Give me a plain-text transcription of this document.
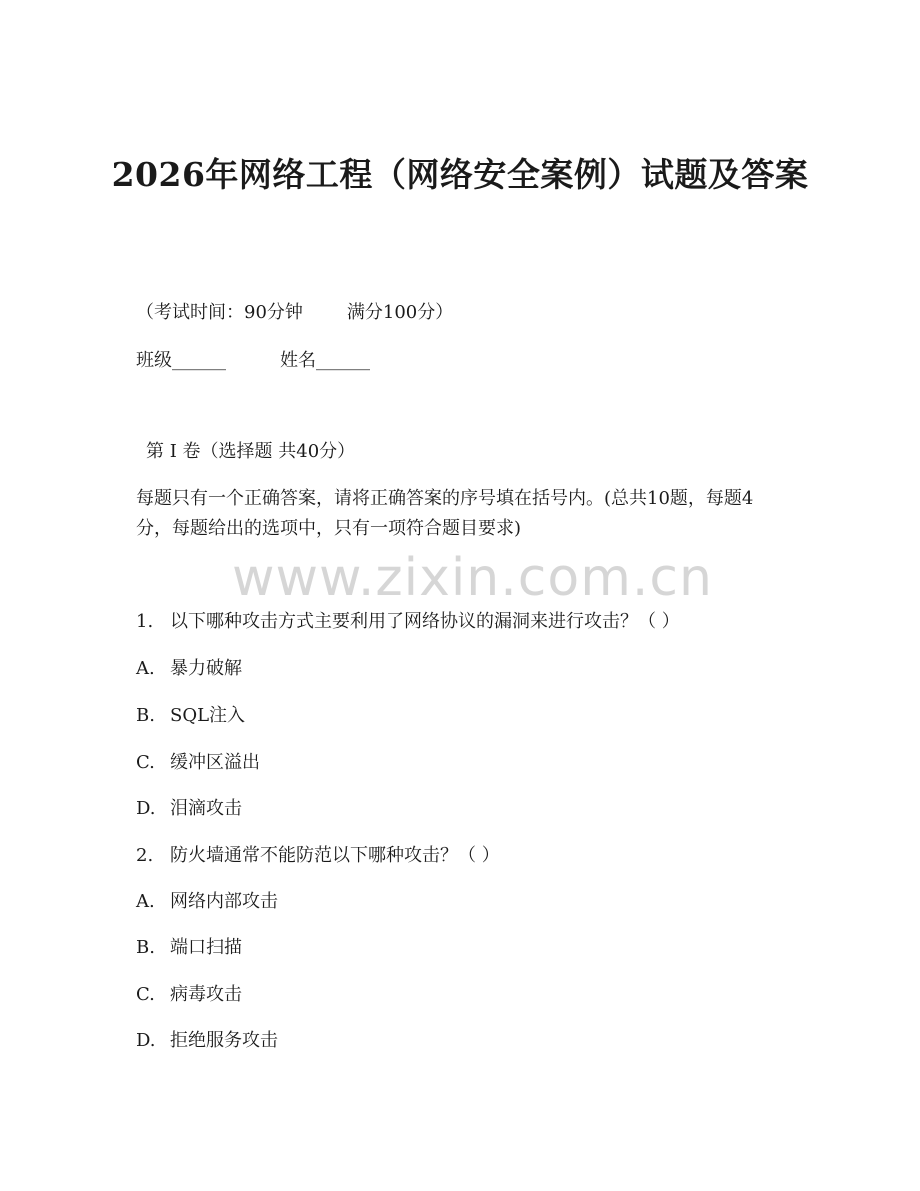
2026年网络工程（网络安全案例）试题及答案
（考试时间：90分钟 满分100分）
班级______	姓名______
第 I 卷（选择题 共40分）
每题只有一个正确答案，请将正确答案的序号填在括号内。(总共10题，每题4分，每题给出的选项中，只有一项符合题目要求)
www.zixin.com.cn
1. 以下哪种攻击方式主要利用了网络协议的漏洞来进行攻击？（ ）
A. 暴力破解
B. SQL注入
C. 缓冲区溢出
D. 泪滴攻击
2. 防火墙通常不能防范以下哪种攻击？（ ）
A. 网络内部攻击
B. 端口扫描
C. 病毒攻击
D. 拒绝服务攻击
